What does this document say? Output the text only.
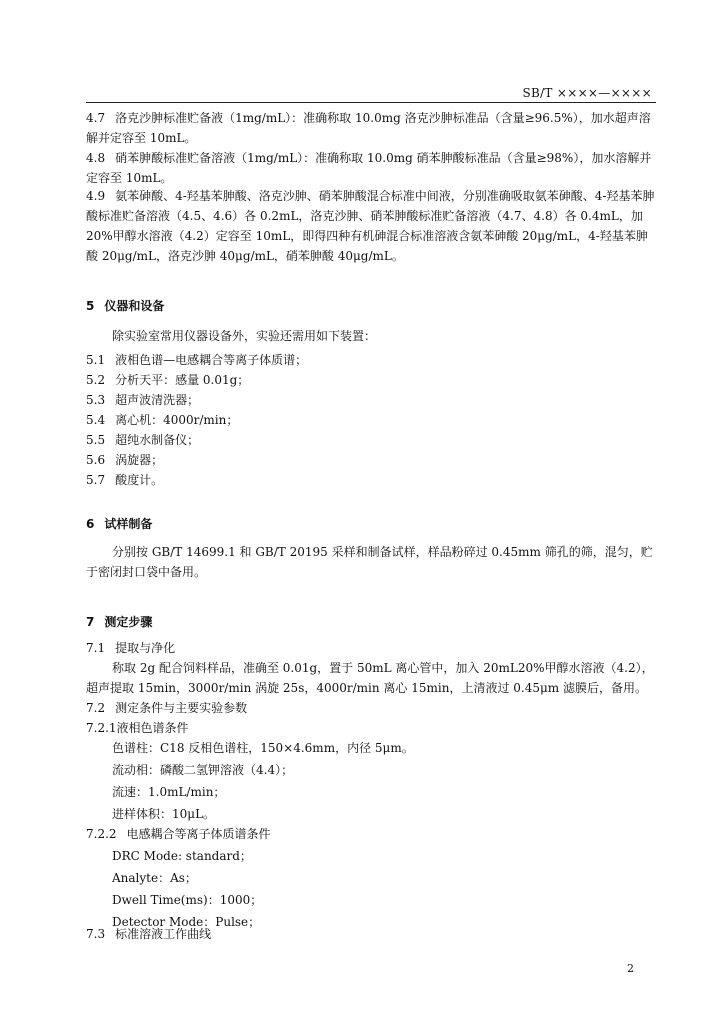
SB/T ××××—××××

4.7 洛克沙胂标准贮备液（1mg/mL）：准确称取 10.0mg 洛克沙胂标准品（含量≥96.5%），加水超声溶解并定容至 10mL。

4.8 硝苯胂酸标准贮备溶液（1mg/mL）：准确称取 10.0mg 硝苯胂酸标准品（含量≥98%），加水溶解并定容至 10mL。

4.9 氨苯砷酸、4-羟基苯胂酸、洛克沙胂、硝苯胂酸混合标准中间液，分别准确吸取氨苯砷酸、4-羟基苯胂酸标准贮备溶液（4.5、4.6）各 0.2mL，洛克沙胂、硝苯胂酸标准贮备溶液（4.7、4.8）各 0.4mL，加 20%甲醇水溶液（4.2）定容至 10mL，即得四种有机砷混合标准溶液含氨苯砷酸 20μg/mL，4-羟基苯胂酸 20μg/mL，洛克沙胂 40μg/mL，硝苯胂酸 40μg/mL。

5 仪器和设备
除实验室常用仪器设备外，实验还需用如下装置：
5.1 液相色谱—电感耦合等离子体质谱；
5.2 分析天平：感量 0.01g；
5.3 超声波清洗器；
5.4 离心机：4000r/min；
5.5 超纯水制备仪；
5.6 涡旋器；
5.7 酸度计。
6 试样制备

分别按 GB/T 14699.1 和 GB/T 20195 采样和制备试样，样品粉碎过 0.45mm 筛孔的筛，混匀，贮于密闭封口袋中备用。

7 测定步骤
7.1 提取与净化

称取 2g 配合饲料样品，准确至 0.01g，置于 50mL 离心管中，加入 20mL20%甲醇水溶液（4.2），超声提取 15min，3000r/min 涡旋 25s，4000r/min 离心 15min，上清液过 0.45μm 滤膜后，备用。

7.2 测定条件与主要实验参数
7.2.1液相色谱条件
色谱柱：C18 反相色谱柱，150×4.6mm，内径 5μm。
流动相：磷酸二氢钾溶液（4.4）；
流速：1.0mL/min；
进样体积：10μL。
7.2.2 电感耦合等离子体质谱条件
DRC Mode: standard；
Analyte：As；
Dwell Time(ms)：1000；
Detector Mode：Pulse；
7.3 标准溶液工作曲线
2
